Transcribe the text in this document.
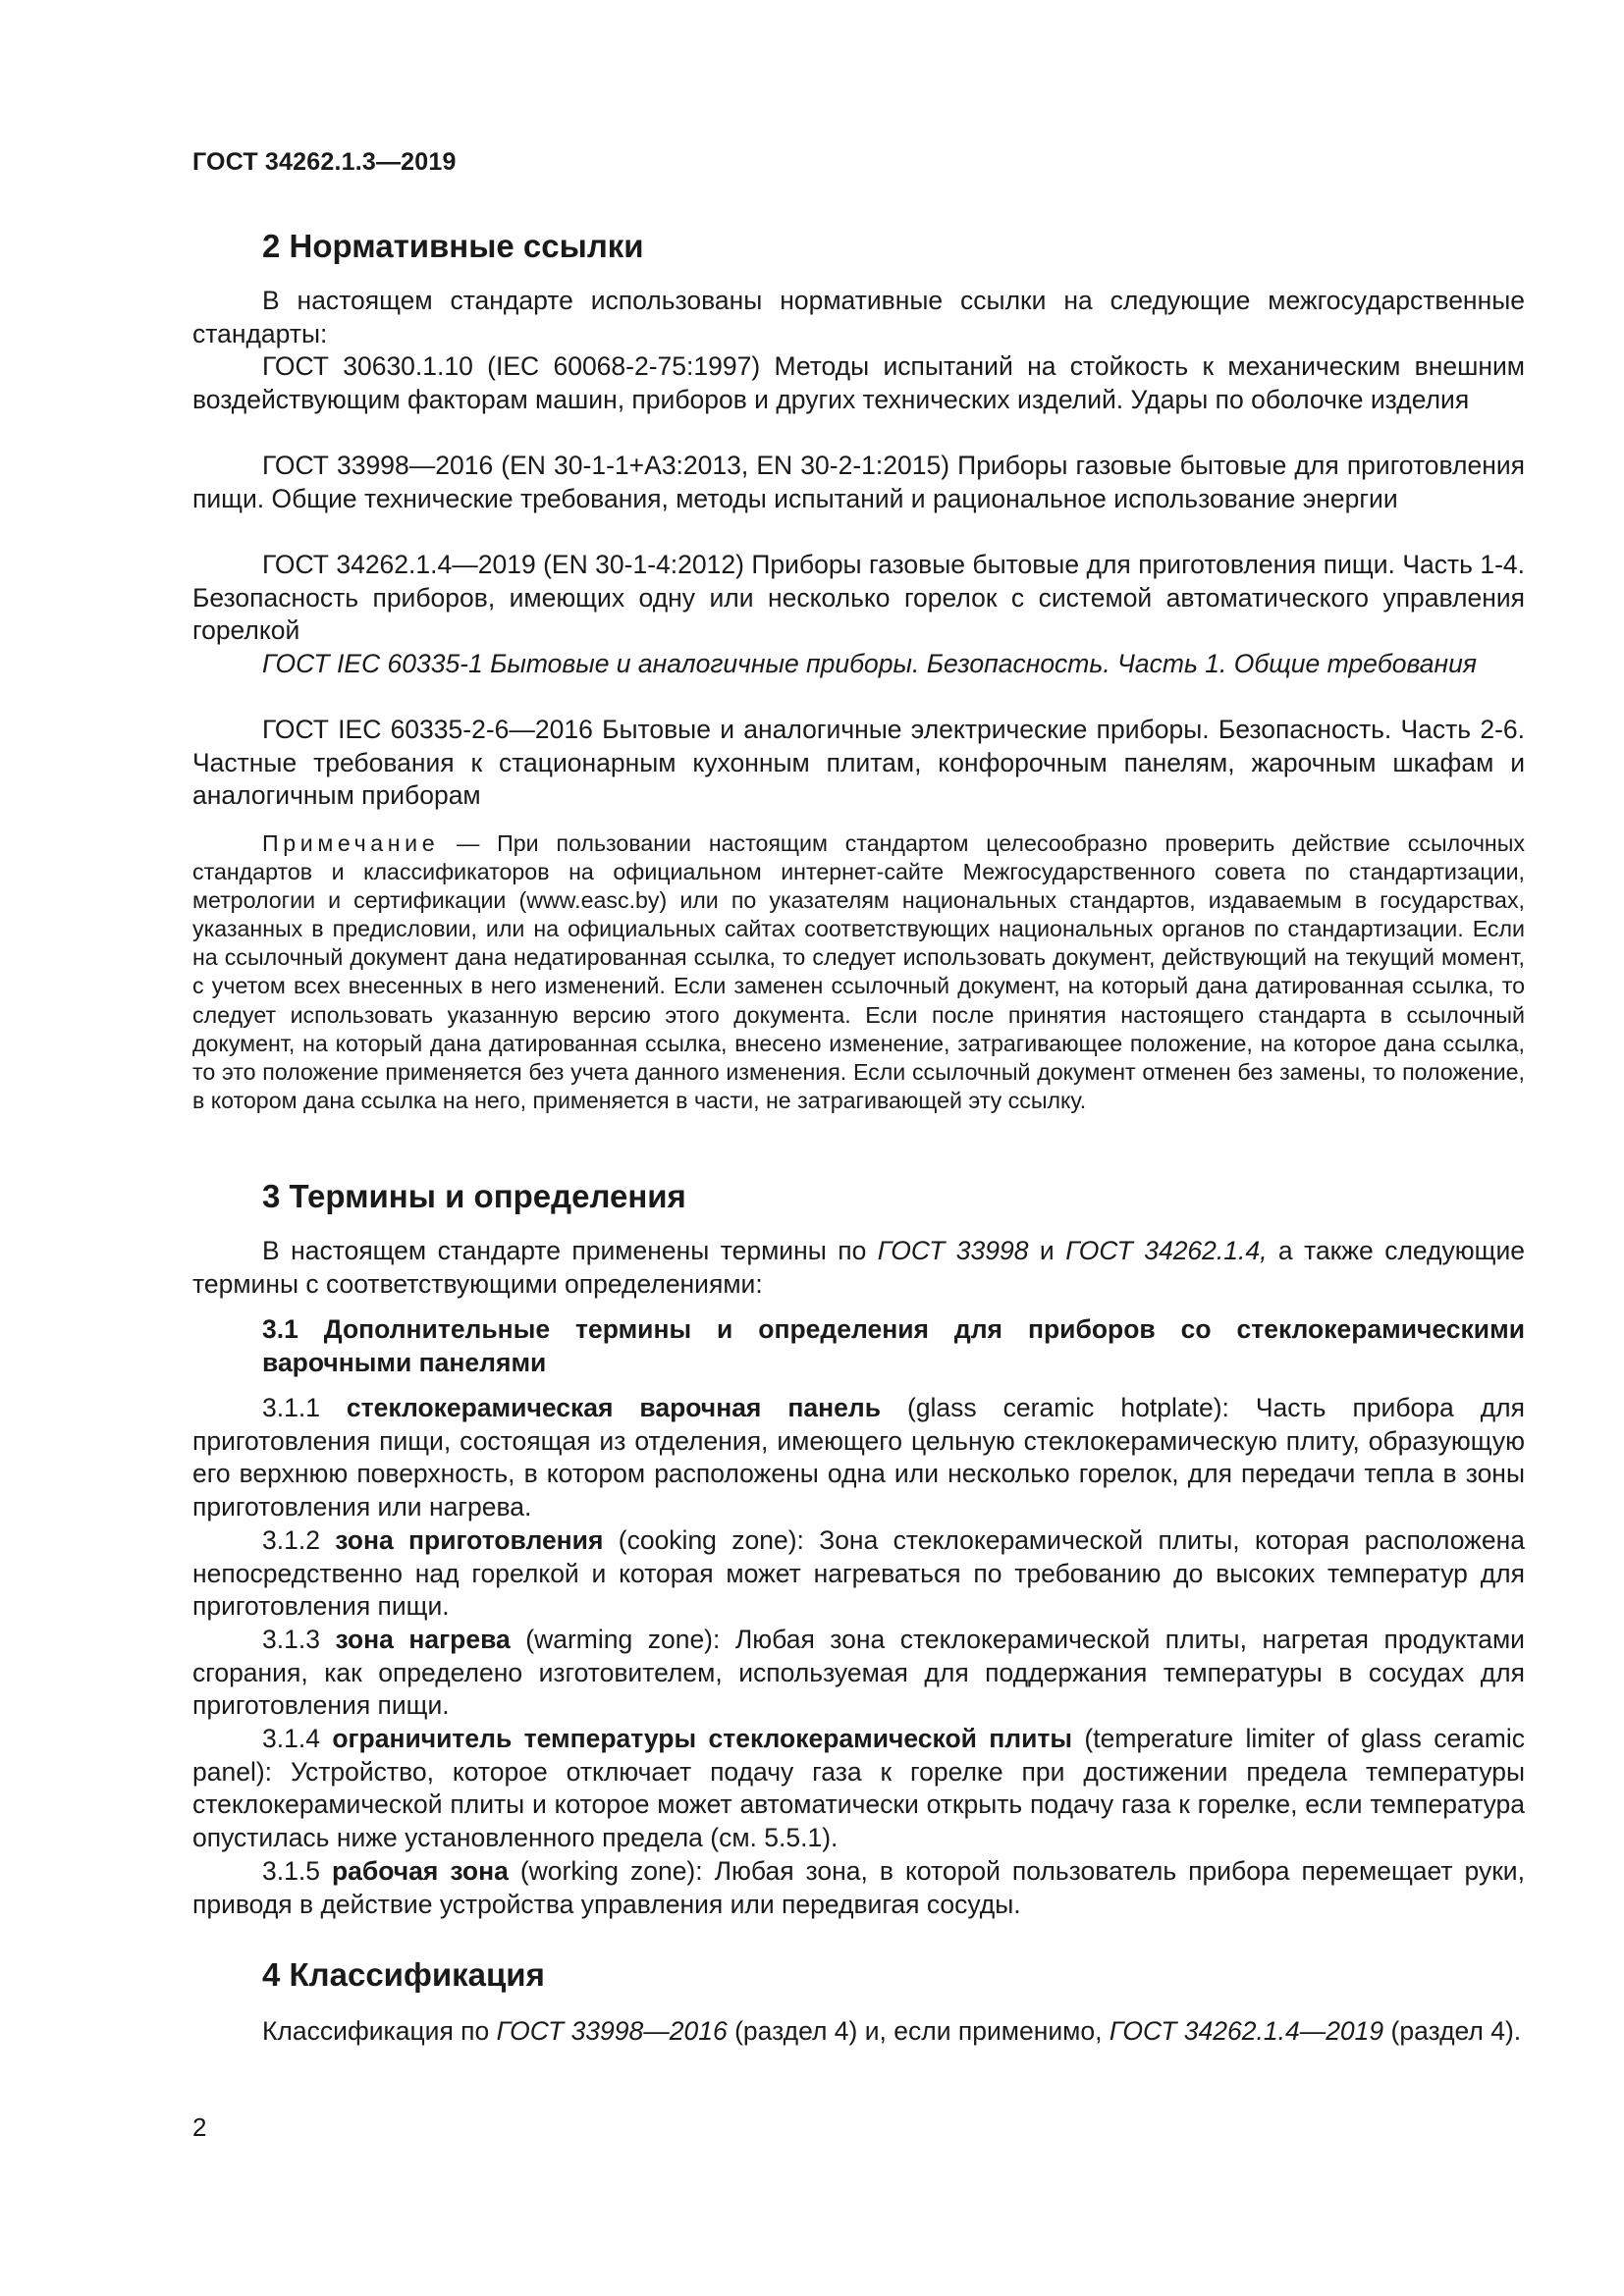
ГОСТ 34262.1.3—2019
2 Нормативные ссылки

В настоящем стандарте использованы нормативные ссылки на следующие межгосударственные стандарты:

ГОСТ 30630.1.10 (IEC 60068-2-75:1997) Методы испытаний на стойкость к механическим внешним воздействующим факторам машин, приборов и других технических изделий. Удары по оболочке изделия

ГОСТ 33998—2016 (EN 30-1-1+A3:2013, EN 30-2-1:2015) Приборы газовые бытовые для приготовления пищи. Общие технические требования, методы испытаний и рациональное использование энергии

ГОСТ 34262.1.4—2019 (EN 30-1-4:2012) Приборы газовые бытовые для приготовления пищи. Часть 1-4. Безопасность приборов, имеющих одну или несколько горелок с системой автоматического управления горелкой

ГОСТ IEC 60335-1 Бытовые и аналогичные приборы. Безопасность. Часть 1. Общие требования

ГОСТ IEC 60335-2-6—2016 Бытовые и аналогичные электрические приборы. Безопасность. Часть 2-6. Частные требования к стационарным кухонным плитам, конфорочным панелям, жарочным шкафам и аналогичным приборам

Примечание — При пользовании настоящим стандартом целесообразно проверить действие ссылочных стандартов и классификаторов на официальном интернет-сайте Межгосударственного совета по стандартизации, метрологии и сертификации (www.easc.by) или по указателям национальных стандартов, издаваемым в государствах, указанных в предисловии, или на официальных сайтах соответствующих национальных органов по стандартизации. Если на ссылочный документ дана недатированная ссылка, то следует использовать документ, действующий на текущий момент, с учетом всех внесенных в него изменений. Если заменен ссылочный документ, на который дана датированная ссылка, то следует использовать указанную версию этого документа. Если после принятия настоящего стандарта в ссылочный документ, на который дана датированная ссылка, внесено изменение, затрагивающее положение, на которое дана ссылка, то это положение применяется без учета данного изменения. Если ссылочный документ отменен без замены, то положение, в котором дана ссылка на него, применяется в части, не затрагивающей эту ссылку.

3 Термины и определения

В настоящем стандарте применены термины по ГОСТ 33998 и ГОСТ 34262.1.4, а также следующие термины с соответствующими определениями:

3.1 Дополнительные термины и определения для приборов со стеклокерамическими варочными панелями

3.1.1 стеклокерамическая варочная панель (glass ceramic hotplate): Часть прибора для приготовления пищи, состоящая из отделения, имеющего цельную стеклокерамическую плиту, образующую его верхнюю поверхность, в котором расположены одна или несколько горелок, для передачи тепла в зоны приготовления или нагрева.

3.1.2 зона приготовления (cooking zone): Зона стеклокерамической плиты, которая расположена непосредственно над горелкой и которая может нагреваться по требованию до высоких температур для приготовления пищи.

3.1.3 зона нагрева (warming zone): Любая зона стеклокерамической плиты, нагретая продуктами сгорания, как определено изготовителем, используемая для поддержания температуры в сосудах для приготовления пищи.

3.1.4 ограничитель температуры стеклокерамической плиты (temperature limiter of glass ceramic panel): Устройство, которое отключает подачу газа к горелке при достижении предела температуры стеклокерамической плиты и которое может автоматически открыть подачу газа к горелке, если температура опустилась ниже установленного предела (см. 5.5.1).

3.1.5 рабочая зона (working zone): Любая зона, в которой пользователь прибора перемещает руки, приводя в действие устройства управления или передвигая сосуды.

4 Классификация

Классификация по ГОСТ 33998—2016 (раздел 4) и, если применимо, ГОСТ 34262.1.4—2019 (раздел 4).

2
